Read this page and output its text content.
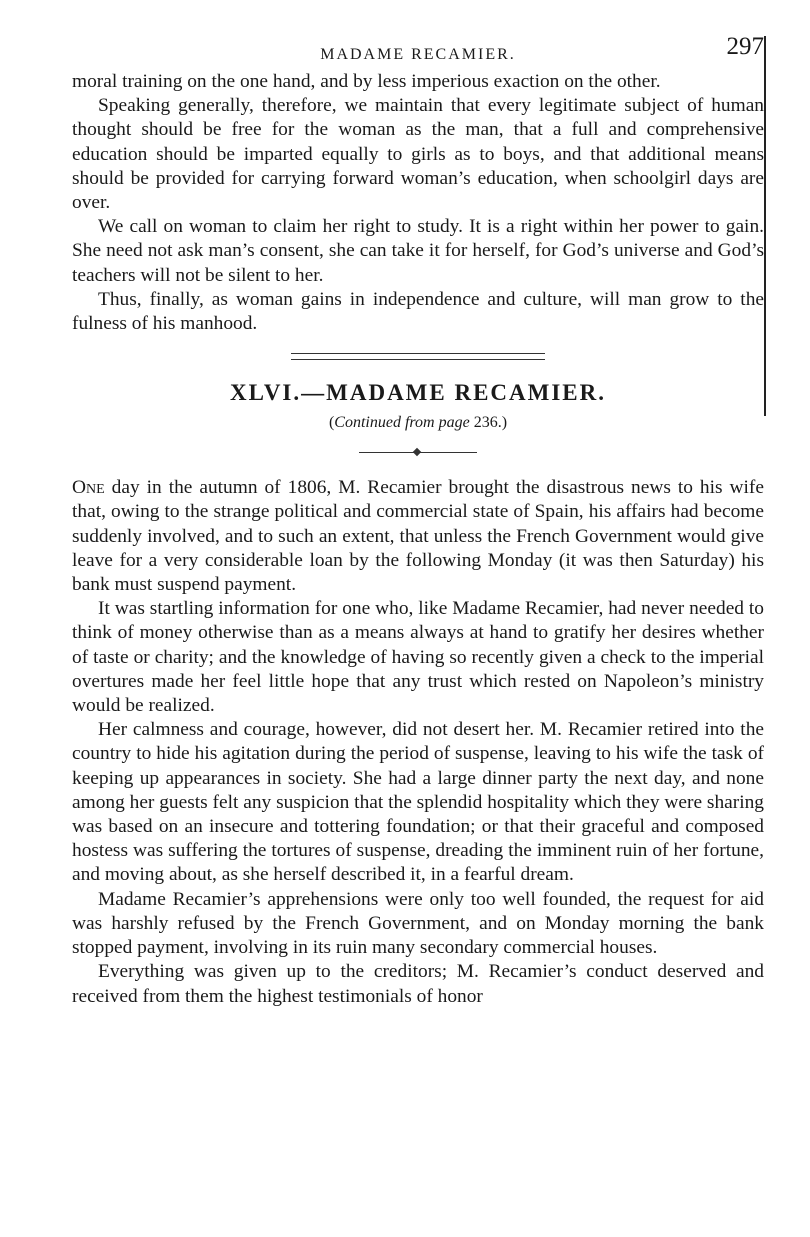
MADAME RECAMIER.	297

moral training on the one hand, and by less imperious exaction on the other.

Speaking generally, therefore, we maintain that every legitimate subject of human thought should be free for the woman as the man, that a full and comprehensive education should be imparted equally to girls as to boys, and that additional means should be provided for carrying forward woman’s education, when schoolgirl days are over.

We call on woman to claim her right to study. It is a right within her power to gain. She need not ask man’s consent, she can take it for herself, for God’s universe and God’s teachers will not be silent to her.

Thus, finally, as woman gains in independence and culture, will man grow to the fulness of his manhood.

XLVI.—MADAME RECAMIER.
(Continued from page 236.)

One day in the autumn of 1806, M. Recamier brought the disastrous news to his wife that, owing to the strange political and commercial state of Spain, his affairs had become suddenly involved, and to such an extent, that unless the French Government would give leave for a very considerable loan by the following Monday (it was then Saturday) his bank must suspend payment.

It was startling information for one who, like Madame Recamier, had never needed to think of money otherwise than as a means always at hand to gratify her desires whether of taste or charity; and the knowledge of having so recently given a check to the imperial overtures made her feel little hope that any trust which rested on Napoleon’s ministry would be realized.

Her calmness and courage, however, did not desert her. M. Recamier retired into the country to hide his agitation during the period of suspense, leaving to his wife the task of keeping up appearances in society. She had a large dinner party the next day, and none among her guests felt any suspicion that the splendid hospitality which they were sharing was based on an insecure and tottering foundation; or that their graceful and composed hostess was suffering the tortures of suspense, dreading the imminent ruin of her fortune, and moving about, as she herself described it, in a fearful dream.

Madame Recamier’s apprehensions were only too well founded, the request for aid was harshly refused by the French Government, and on Monday morning the bank stopped payment, involving in its ruin many secondary commercial houses.

Everything was given up to the creditors; M. Recamier’s conduct deserved and received from them the highest testimonials of honor
